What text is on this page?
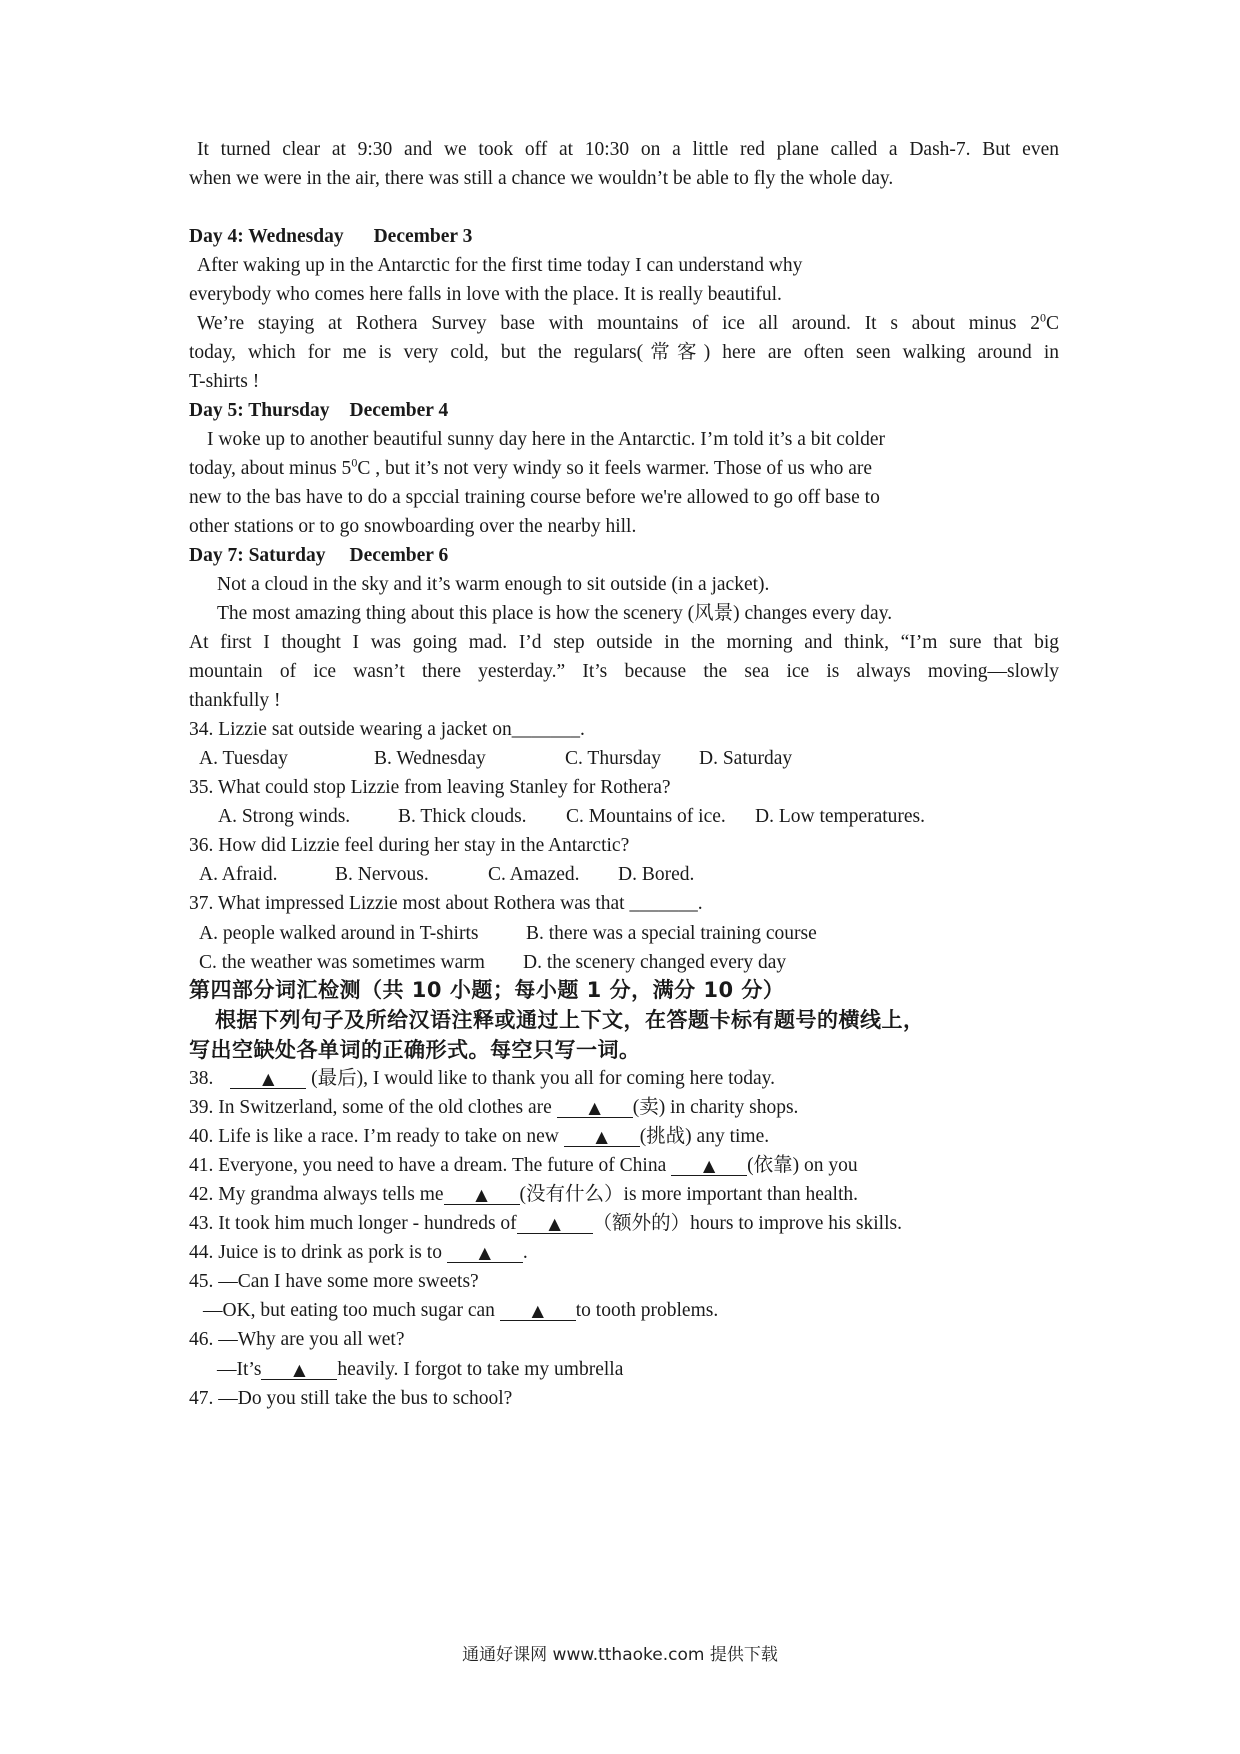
It turned clear at 9:30 and we took off at 10:30 on a little red plane called a Dash-7. But even
when we were in the air, there was still a chance we wouldn’t be able to fly the whole day.
Day 4: Wednesday December 3
After waking up in the Antarctic for the first time today I can understand why
everybody who comes here falls in love with the place. It is really beautiful.
We’re staying at Rothera Survey base with mountains of ice all around. It s about minus $2^0C$
today, which for me is very cold, but the regulars(常客) here are often seen walking around in
T-shirts !
Day 5: Thursday December 4
I woke up to another beautiful sunny day here in the Antarctic. I’m told it’s a bit colder
today, about minus $5^0C$ , but it’s not very windy so it feels warmer. Those of us who are
new to the bas have to do a spccial training course before we're allowed to go off base to
other stations or to go snowboarding over the nearby hill.
Day 7: Saturday December 6
Not a cloud in the sky and it’s warm enough to sit outside (in a jacket).
The most amazing thing about this place is how the scenery (风景) changes every day.
At first I thought I was going mad. I’d step outside in the morning and think, “I’m sure that big
mountain of ice wasn’t there yesterday.” It’s because the sea ice is always moving—slowly
thankfully !
34. Lizzie sat outside wearing a jacket on_______.
A. Tuesday	B. Wednesday	C. Thursday D. Saturday
35. What could stop Lizzie from leaving Stanley for Rothera?
A. Strong winds. B. Thick clouds. C. Mountains of ice. D. Low temperatures.
36. How did Lizzie feel during her stay in the Antarctic?
A. Afraid.	B. Nervous.	C. Amazed. D. Bored.
37. What impressed Lizzie most about Rothera was that _______.
A. people walked around in T-shirts B. there was a special training course
C. the weather was sometimes warm D. the scenery changed every day
第四部分词汇检测（共 10 小题；每小题 1 分，满分 10 分）
根据下列句子及所给汉语注释或通过上下文，在答题卡标有题号的横线上，
写出空缺处各单词的正确形式。每空只写一词。
38.	▲ (最后), I would like to thank you all for coming here today.
39. In Switzerland, some of the old clothes are ▲ (卖) in charity shops.
40. Life is like a race. I’m ready to take on new ▲ (挑战) any time.
41. Everyone, you need to have a dream. The future of China ▲ (依靠) on you
42. My grandma always tells me ▲ (没有什么）is more important than health.
43. It took him much longer - hundreds of ▲ （额外的）hours to improve his skills.
44. Juice is to drink as pork is to ▲ .
45. —Can I have some more sweets?
—OK, but eating too much sugar can ▲ to tooth problems.
46. —Why are you all wet?
—It’s ▲ heavily. I forgot to take my umbrella
47. —Do you still take the bus to school?
通通好课网 www.tthaoke.com 提供下载
